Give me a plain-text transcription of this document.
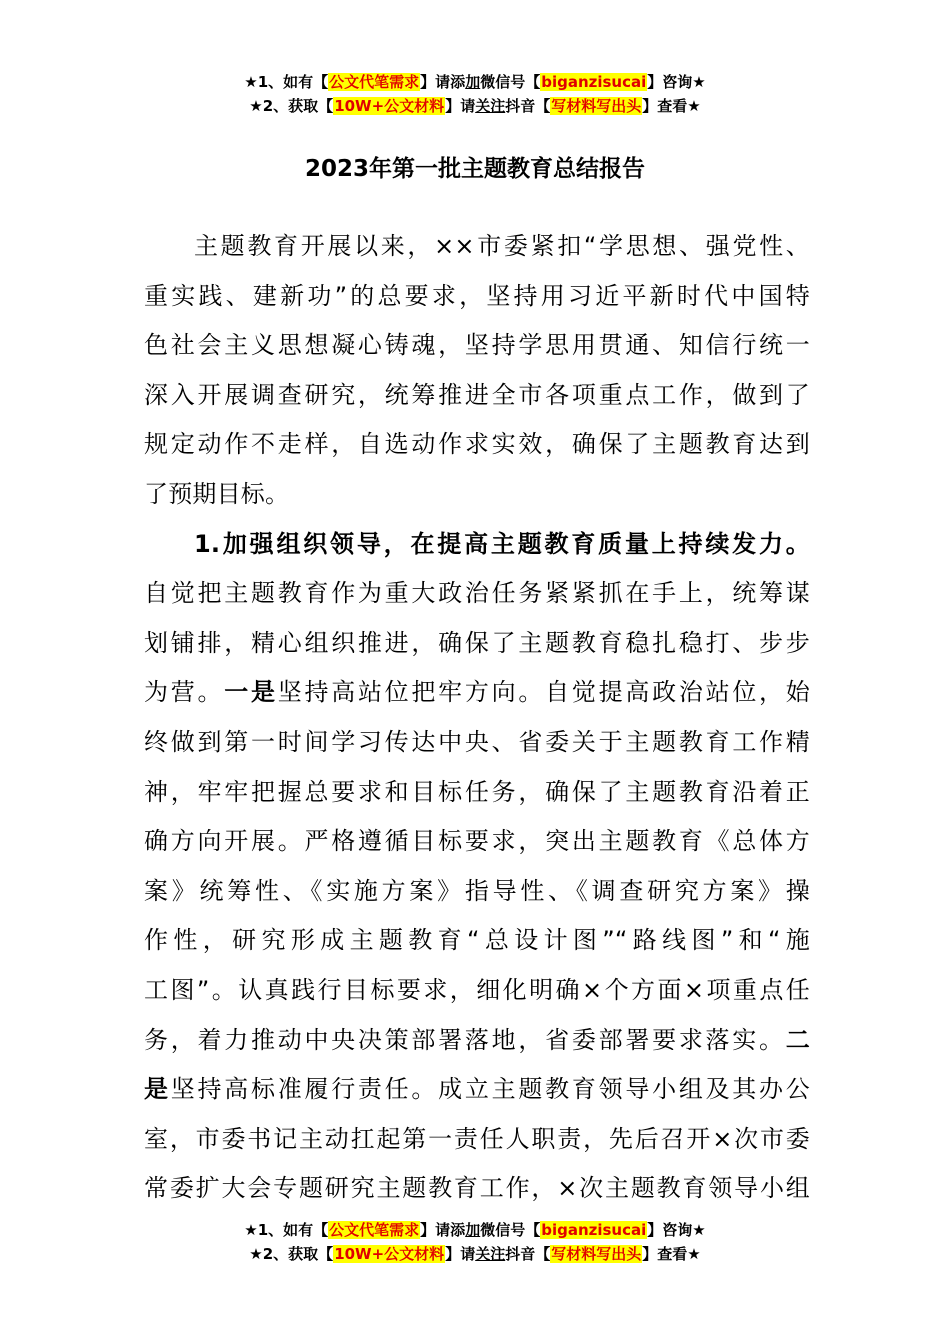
★1、如有【公文代笔需求】请添加微信号【biganzisucai】咨询★
★2、获取【10W+公文材料】请关注抖音【写材料写出头】查看★
2023年第一批主题教育总结报告
主题教育开展以来，××市委紧扣“学思想、强党性、
重实践、建新功”的总要求，坚持用习近平新时代中国特
色社会主义思想凝心铸魂，坚持学思用贯通、知信行统一
深入开展调查研究，统筹推进全市各项重点工作，做到了
规定动作不走样，自选动作求实效，确保了主题教育达到
了预期目标。
1.加强组织领导，在提高主题教育质量上持续发力。
自觉把主题教育作为重大政治任务紧紧抓在手上，统筹谋
划铺排，精心组织推进，确保了主题教育稳扎稳打、步步
为营。一是坚持高站位把牢方向。自觉提高政治站位，始
终做到第一时间学习传达中央、省委关于主题教育工作精
神，牢牢把握总要求和目标任务，确保了主题教育沿着正
确方向开展。严格遵循目标要求，突出主题教育《总体方
案》统筹性、《实施方案》指导性、《调查研究方案》操
作性，研究形成主题教育“总设计图”“路线图”和“施
工图”。认真践行目标要求，细化明确×个方面×项重点任
务，着力推动中央决策部署落地，省委部署要求落实。二
是坚持高标准履行责任。成立主题教育领导小组及其办公
室，市委书记主动扛起第一责任人职责，先后召开×次市委
常委扩大会专题研究主题教育工作，×次主题教育领导小组
★1、如有【公文代笔需求】请添加微信号【biganzisucai】咨询★
★2、获取【10W+公文材料】请关注抖音【写材料写出头】查看★
